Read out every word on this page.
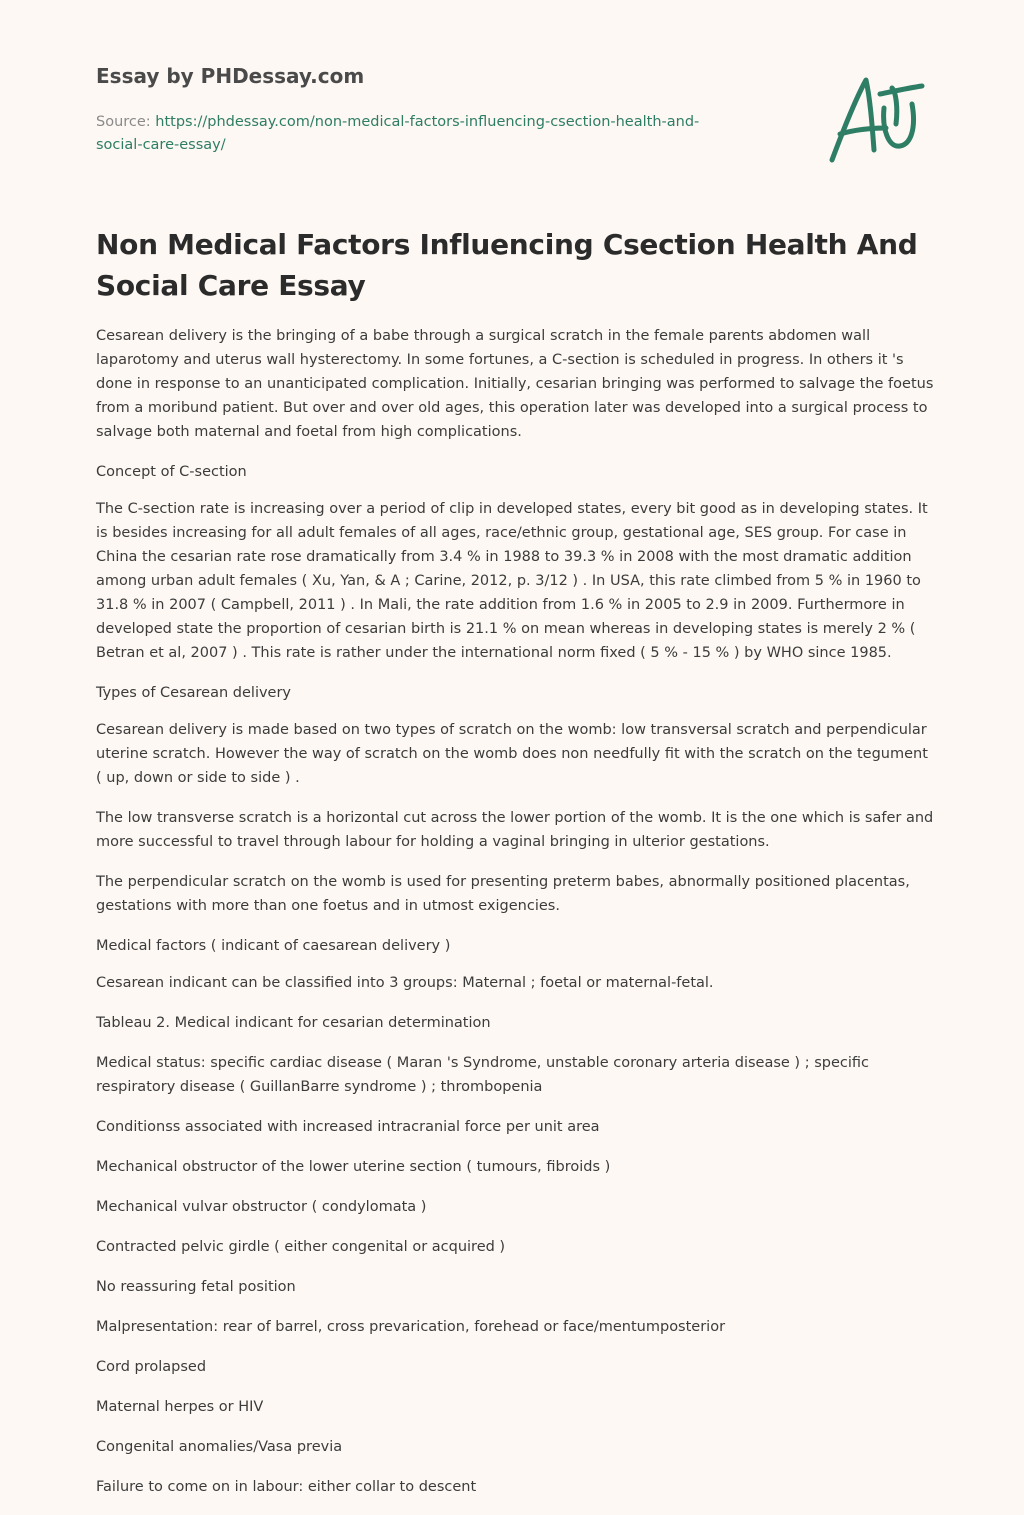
Essay by PHDessay.com

Source: https://phdessay.com/non-medical-factors-influencing-csection-health-and-social-care-essay/
Non Medical Factors Influencing Csection Health And Social Care Essay

Cesarean delivery is the bringing of a babe through a surgical scratch in the female parents abdomen wall laparotomy and uterus wall hysterectomy. In some fortunes, a C-section is scheduled in progress. In others it 's done in response to an unanticipated complication. Initially, cesarian bringing was performed to salvage the foetus from a moribund patient. But over and over old ages, this operation later was developed into a surgical process to salvage both maternal and foetal from high complications.

Concept of C-section

The C-section rate is increasing over a period of clip in developed states, every bit good as in developing states. It is besides increasing for all adult females of all ages, race/ethnic group, gestational age, SES group. For case in China the cesarian rate rose dramatically from 3.4 % in 1988 to 39.3 % in 2008 with the most dramatic addition among urban adult females ( Xu, Yan, & A ; Carine, 2012, p. 3/12 ) . In USA, this rate climbed from 5 % in 1960 to 31.8 % in 2007 ( Campbell, 2011 ) . In Mali, the rate addition from 1.6 % in 2005 to 2.9 in 2009. Furthermore in developed state the proportion of cesarian birth is 21.1 % on mean whereas in developing states is merely 2 % ( Betran et al, 2007 ) . This rate is rather under the international norm fixed ( 5 % - 15 % ) by WHO since 1985.

Types of Cesarean delivery

Cesarean delivery is made based on two types of scratch on the womb: low transversal scratch and perpendicular uterine scratch. However the way of scratch on the womb does non needfully fit with the scratch on the tegument ( up, down or side to side ) .

The low transverse scratch is a horizontal cut across the lower portion of the womb. It is the one which is safer and more successful to travel through labour for holding a vaginal bringing in ulterior gestations.

The perpendicular scratch on the womb is used for presenting preterm babes, abnormally positioned placentas, gestations with more than one foetus and in utmost exigencies.

Medical factors ( indicant of caesarean delivery )

Cesarean indicant can be classified into 3 groups: Maternal ; foetal or maternal-fetal.

Tableau 2. Medical indicant for cesarian determination

Medical status: specific cardiac disease ( Maran 's Syndrome, unstable coronary arteria disease ) ; specific respiratory disease ( GuillanBarre syndrome ) ; thrombopenia

Conditionss associated with increased intracranial force per unit area

Mechanical obstructor of the lower uterine section ( tumours, fibroids )

Mechanical vulvar obstructor ( condylomata )

Contracted pelvic girdle ( either congenital or acquired )

No reassuring fetal position

Malpresentation: rear of barrel, cross prevarication, forehead or face/mentumposterior

Cord prolapsed

Maternal herpes or HIV

Congenital anomalies/Vasa previa

Failure to come on in labour: either collar to descent
